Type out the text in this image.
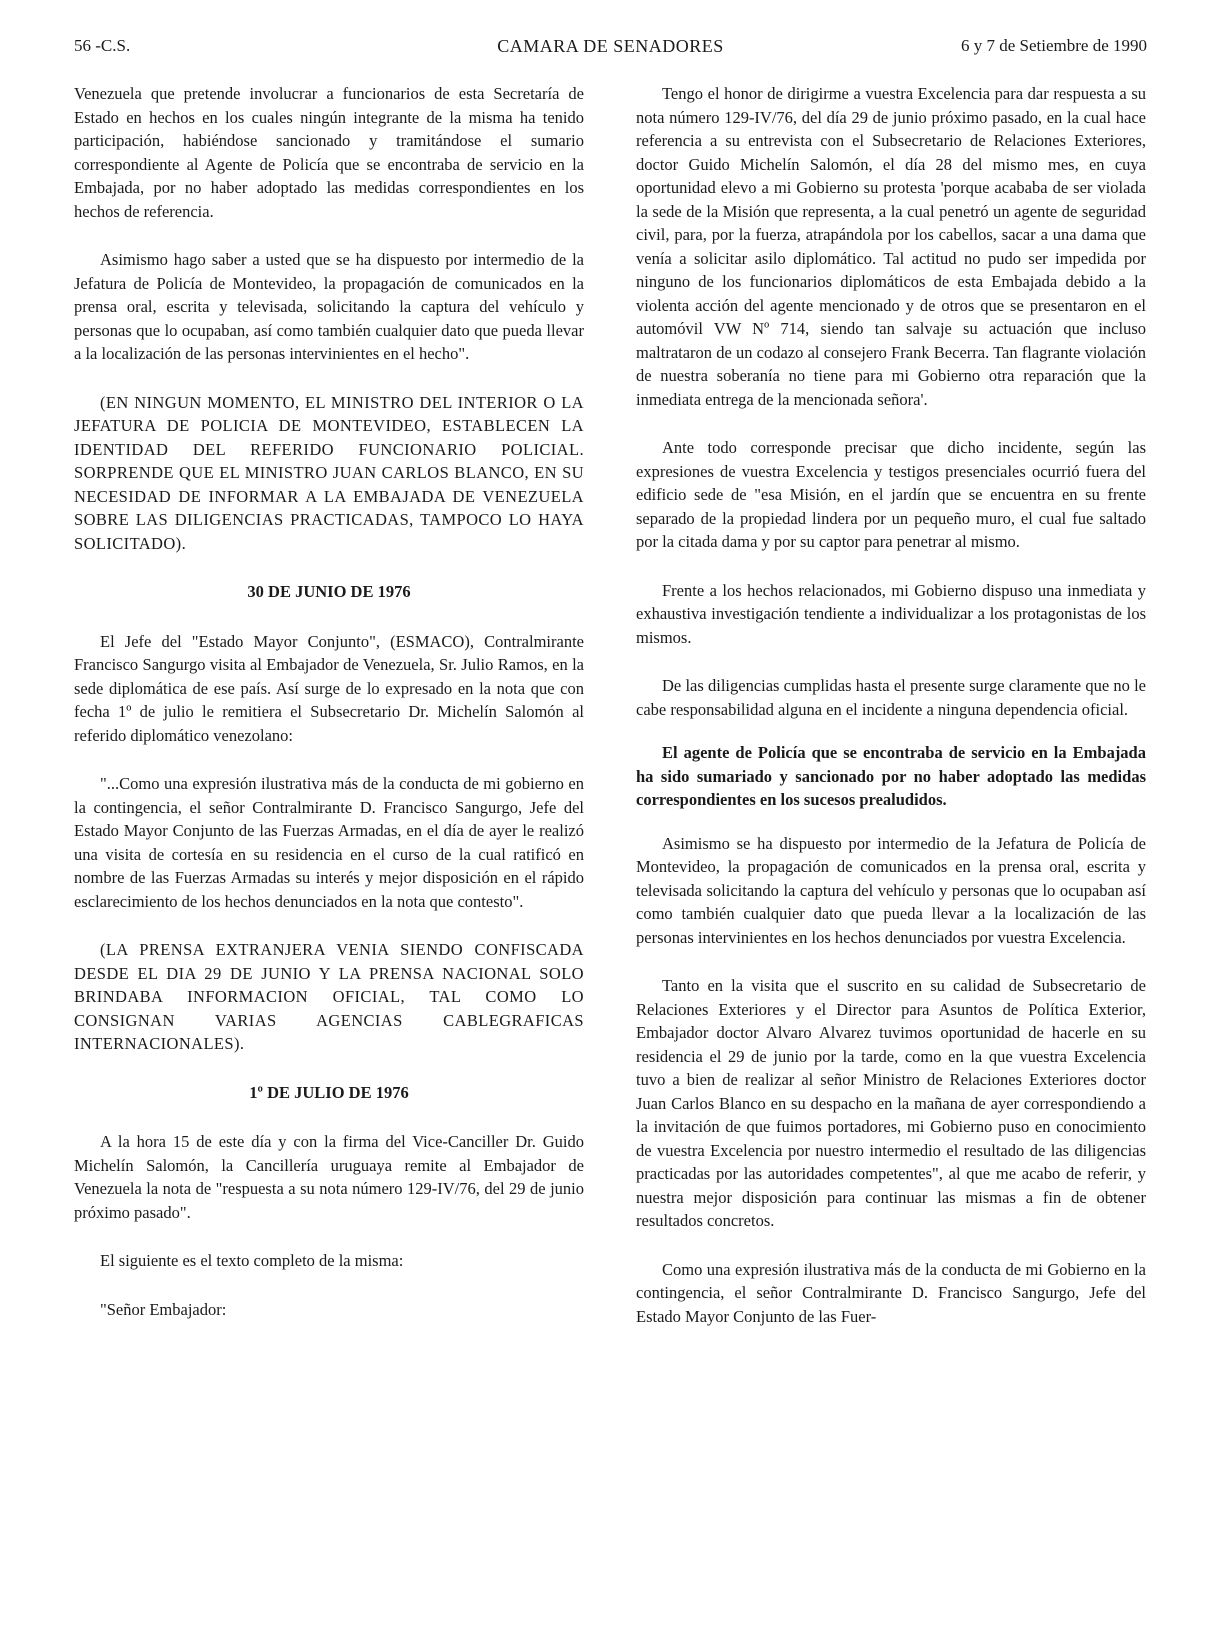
56 -C.S.	CAMARA DE SENADORES	6 y 7 de Setiembre de 1990

Venezuela que pretende involucrar a funcionarios de esta Secretaría de Estado en hechos en los cuales ningún integrante de la misma ha tenido participación, habiéndose sancionado y tramitándose el sumario correspondiente al Agente de Policía que se encontraba de servicio en la Embajada, por no haber adoptado las medidas correspondientes en los hechos de referencia.

Asimismo hago saber a usted que se ha dispuesto por intermedio de la Jefatura de Policía de Montevideo, la propagación de comunicados en la prensa oral, escrita y televisada, solicitando la captura del vehículo y personas que lo ocupaban, así como también cualquier dato que pueda llevar a la localización de las personas intervinientes en el hecho".

(EN NINGUN MOMENTO, EL MINISTRO DEL INTERIOR O LA JEFATURA DE POLICIA DE MONTEVIDEO, ESTABLECEN LA IDENTIDAD DEL REFERIDO FUNCIONARIO POLICIAL. SORPRENDE QUE EL MINISTRO JUAN CARLOS BLANCO, EN SU NECESIDAD DE INFORMAR A LA EMBAJADA DE VENEZUELA SOBRE LAS DILIGENCIAS PRACTICADAS, TAMPOCO LO HAYA SOLICITADO).

30 DE JUNIO DE 1976

El Jefe del "Estado Mayor Conjunto", (ESMACO), Contralmirante Francisco Sangurgo visita al Embajador de Venezuela, Sr. Julio Ramos, en la sede diplomática de ese país. Así surge de lo expresado en la nota que con fecha 1º de julio le remitiera el Subsecretario Dr. Michelín Salomón al referido diplomático venezolano:

"...Como una expresión ilustrativa más de la conducta de mi gobierno en la contingencia, el señor Contralmirante D. Francisco Sangurgo, Jefe del Estado Mayor Conjunto de las Fuerzas Armadas, en el día de ayer le realizó una visita de cortesía en su residencia en el curso de la cual ratificó en nombre de las Fuerzas Armadas su interés y mejor disposición en el rápido esclarecimiento de los hechos denunciados en la nota que contesto".

(LA PRENSA EXTRANJERA VENIA SIENDO CONFISCADA DESDE EL DIA 29 DE JUNIO Y LA PRENSA NACIONAL SOLO BRINDABA INFORMACION OFICIAL, TAL COMO LO CONSIGNAN VARIAS AGENCIAS CABLEGRAFICAS INTERNACIONALES).

1º DE JULIO DE 1976

A la hora 15 de este día y con la firma del Vice-Canciller Dr. Guido Michelín Salomón, la Cancillería uruguaya remite al Embajador de Venezuela la nota de "respuesta a su nota número 129-IV/76, del 29 de junio próximo pasado".

El siguiente es el texto completo de la misma:

"Señor Embajador:

Tengo el honor de dirigirme a vuestra Excelencia para dar respuesta a su nota número 129-IV/76, del día 29 de junio próximo pasado, en la cual hace referencia a su entrevista con el Subsecretario de Relaciones Exteriores, doctor Guido Michelín Salomón, el día 28 del mismo mes, en cuya oportunidad elevo a mi Gobierno su protesta 'porque acababa de ser violada la sede de la Misión que representa, a la cual penetró un agente de seguridad civil, para, por la fuerza, atrapándola por los cabellos, sacar a una dama que venía a solicitar asilo diplomático. Tal actitud no pudo ser impedida por ninguno de los funcionarios diplomáticos de esta Embajada debido a la violenta acción del agente mencionado y de otros que se presentaron en el automóvil VW Nº 714, siendo tan salvaje su actuación que incluso maltrataron de un codazo al consejero Frank Becerra. Tan flagrante violación de nuestra soberanía no tiene para mi Gobierno otra reparación que la inmediata entrega de la mencionada señora'.

Ante todo corresponde precisar que dicho incidente, según las expresiones de vuestra Excelencia y testigos presenciales ocurrió fuera del edificio sede de "esa Misión, en el jardín que se encuentra en su frente separado de la propiedad lindera por un pequeño muro, el cual fue saltado por la citada dama y por su captor para penetrar al mismo.

Frente a los hechos relacionados, mi Gobierno dispuso una inmediata y exhaustiva investigación tendiente a individualizar a los protagonistas de los mismos.

De las diligencias cumplidas hasta el presente surge claramente que no le cabe responsabilidad alguna en el incidente a ninguna dependencia oficial.

El agente de Policía que se encontraba de servicio en la Embajada ha sido sumariado y sancionado por no haber adoptado las medidas correspondientes en los sucesos prealudidos.

Asimismo se ha dispuesto por intermedio de la Jefatura de Policía de Montevideo, la propagación de comunicados en la prensa oral, escrita y televisada solicitando la captura del vehículo y personas que lo ocupaban así como también cualquier dato que pueda llevar a la localización de las personas intervinientes en los hechos denunciados por vuestra Excelencia.

Tanto en la visita que el suscrito en su calidad de Subsecretario de Relaciones Exteriores y el Director para Asuntos de Política Exterior, Embajador doctor Alvaro Alvarez tuvimos oportunidad de hacerle en su residencia el 29 de junio por la tarde, como en la que vuestra Excelencia tuvo a bien de realizar al señor Ministro de Relaciones Exteriores doctor Juan Carlos Blanco en su despacho en la mañana de ayer correspondiendo a la invitación de que fuimos portadores, mi Gobierno puso en conocimiento de vuestra Excelencia por nuestro intermedio el resultado de las diligencias practicadas por las autoridades competentes", al que me acabo de referir, y nuestra mejor disposición para continuar las mismas a fin de obtener resultados concretos.

Como una expresión ilustrativa más de la conducta de mi Gobierno en la contingencia, el señor Contralmirante D. Francisco Sangurgo, Jefe del Estado Mayor Conjunto de las Fuer-
